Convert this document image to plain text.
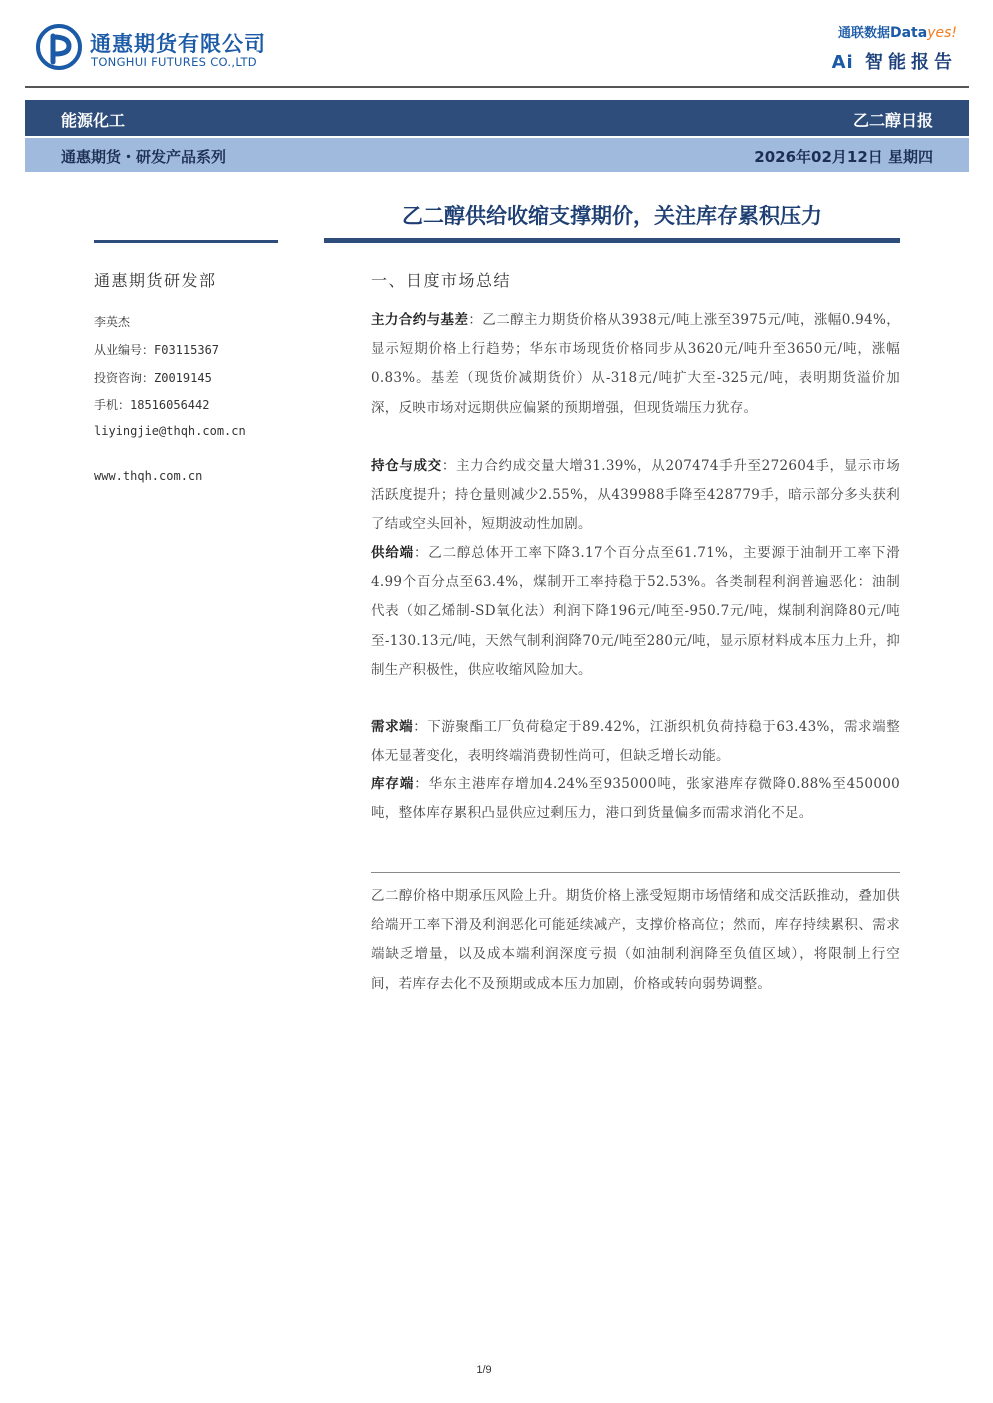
通惠期货有限公司
TONGHUI FUTURES CO.,LTD
通联数据Datayes!
Ai 智能报告
能源化工	乙二醇日报
通惠期货・研发产品系列	2026年02月12日 星期四
乙二醇供给收缩支撑期价，关注库存累积压力
通惠期货研发部
李英杰
从业编号：F03115367
投资咨询：Z0019145
手机：18516056442
liyingjie@thqh.com.cn
www.thqh.com.cn
一、日度市场总结
主力合约与基差：乙二醇主力期货价格从3938元/吨上涨至3975元/吨，涨幅0.94%，显示短期价格上行趋势；华东市场现货价格同步从3620元/吨升至3650元/吨，涨幅0.83%。基差（现货价减期货价）从-318元/吨扩大至-325元/吨，表明期货溢价加深，反映市场对远期供应偏紧的预期增强，但现货端压力犹存。
持仓与成交：主力合约成交量大增31.39%，从207474手升至272604手，显示市场活跃度提升；持仓量则减少2.55%，从439988手降至428779手，暗示部分多头获利了结或空头回补，短期波动性加剧。
供给端：乙二醇总体开工率下降3.17个百分点至61.71%，主要源于油制开工率下滑4.99个百分点至63.4%，煤制开工率持稳于52.53%。各类制程利润普遍恶化：油制代表（如乙烯制-SD氧化法）利润下降196元/吨至-950.7元/吨，煤制利润降80元/吨至-130.13元/吨，天然气制利润降70元/吨至280元/吨，显示原材料成本压力上升，抑制生产积极性，供应收缩风险加大。
需求端：下游聚酯工厂负荷稳定于89.42%，江浙织机负荷持稳于63.43%，需求端整体无显著变化，表明终端消费韧性尚可，但缺乏增长动能。
库存端：华东主港库存增加4.24%至935000吨，张家港库存微降0.88%至450000吨，整体库存累积凸显供应过剩压力，港口到货量偏多而需求消化不足。
乙二醇价格中期承压风险上升。期货价格上涨受短期市场情绪和成交活跃推动，叠加供给端开工率下滑及利润恶化可能延续减产，支撑价格高位；然而，库存持续累积、需求端缺乏增量，以及成本端利润深度亏损（如油制利润降至负值区域），将限制上行空间，若库存去化不及预期或成本压力加剧，价格或转向弱势调整。
1/9
